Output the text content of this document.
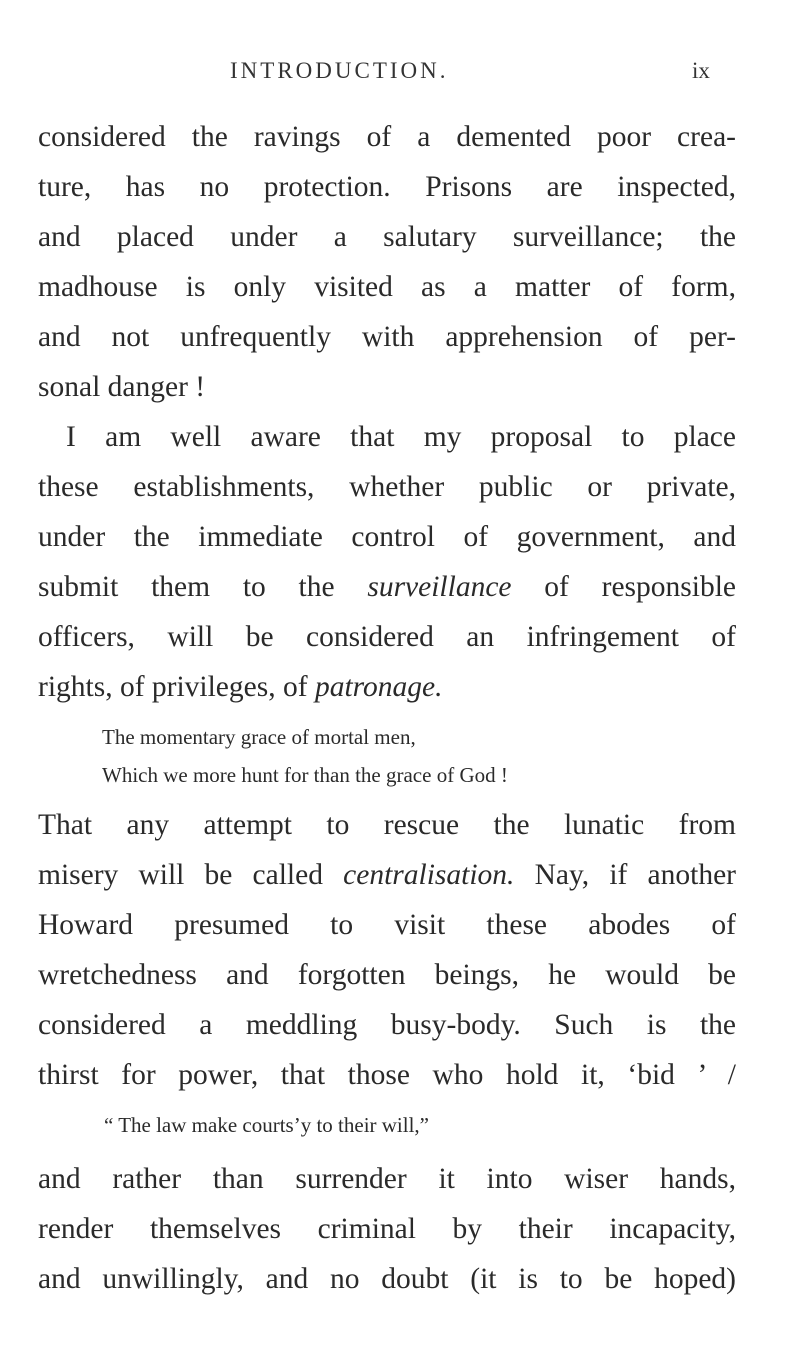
INTRODUCTION.	ix
considered the ravings of a demented poor crea-
ture, has no protection. Prisons are inspected,
and placed under a salutary surveillance; the
madhouse is only visited as a matter of form,
and not unfrequently with apprehension of per-
sonal danger !
I am well aware that my proposal to place
these establishments, whether public or private,
under the immediate control of government, and
submit them to the surveillance of responsible
officers, will be considered an infringement of
rights, of privileges, of patronage.
The momentary grace of mortal men,
Which we more hunt for than the grace of God !
That any attempt to rescue the lunatic from
misery will be called centralisation. Nay, if another
Howard presumed to visit these abodes of
wretchedness and forgotten beings, he would be
considered a meddling busy-body. Such is the
thirst for power, that those who hold it, ‘bid ’ /
“ The law make courts’y to their will,”
and rather than surrender it into wiser hands,
render themselves criminal by their incapacity,
and unwillingly, and no doubt (it is to be hoped)
